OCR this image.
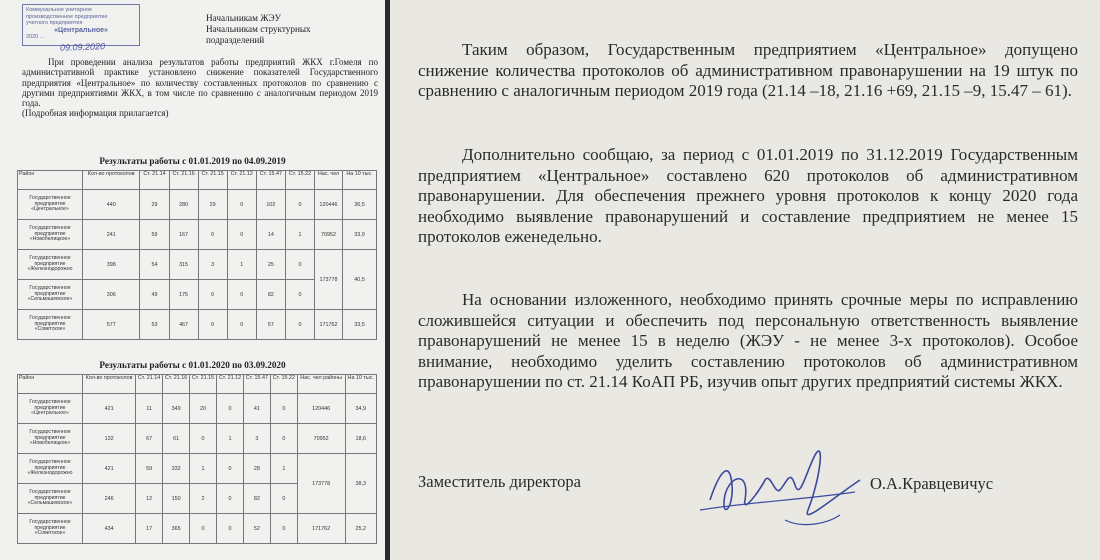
Коммунальное унитарное
производственное предприятие
учетного предприятия
«Центральное»
2020 …
09.09.2020
Начальникам ЖЭУ
Начальникам структурных
подразделений
При проведении анализа результатов работы предприятий ЖКХ г.Гомеля по административной практике установлено снижение показателей Государственного предприятия «Центральное» по количеству составленных протоколов по сравнению с другими предприятиями ЖКХ, в том числе по сравнению с аналогичным периодом 2019 года.
(Подробная информация прилагается)
Результаты работы с 01.01.2019 по 04.09.2019
Район	Кол-во протоколов	Ст. 21.14	Ст. 21.16	Ст. 21.15	Ст. 21.12	Ст. 15.47	Ст. 15.22	Нас. чел	На 10 тыс.
Государственное предприятие «Центральное»	440	29	280	29	0	102	0	120446	36,5
Государственное предприятие «Новобелицкое»	241	59	167	0	0	14	1	70952	33,9
Государственное предприятие «Железнодорожно	398	54	315	3	1	25	0	173778	40,5
Государственное предприятие «Сельмашевское»	306	49	175	0	0	82	0		
Государственное предприятие «Советское»	577	53	467	0	0	57	0	171762	33,5
Результаты работы с 01.01.2020 по 03.09.2020
Район	Кол-во протоколов	Ст. 21.14	Ст. 21.16	Ст. 21.15	Ст. 21.12	Ст. 15.47	Ст. 15.22	Нас. чел районы	На 10 тыс.
Государственное предприятие «Центральное»	421	11	349	20	0	41	0	120446	34,9
Государственное предприятие «Новобелицкое»	132	67	61	0	1	3	0	70952	18,6
Государственное предприятие «Железнодорожно	421	59	332	1	0	28	1	173778	38,3
Государственное предприятие «Сельмашевское»	246	12	150	2	0	82	0		
Государственное предприятие «Советское»	434	17	365	0	0	52	0	171762	25,2
Таким образом, Государственным предприятием «Центральное» допущено снижение количества протоколов об административном правонарушении на 19 штук по сравнению с аналогичным периодом 2019 года (21.14 –18, 21.16 +69, 21.15 –9, 15.47 – 61).
Дополнительно сообщаю, за период с 01.01.2019 по 31.12.2019 Государственным предприятием «Центральное» составлено 620 протоколов об административном правонарушении. Для обеспечения прежнего уровня протоколов к концу 2020 года необходимо выявление правонарушений и составление предприятием не менее 15 протоколов еженедельно.
На основании изложенного, необходимо принять срочные меры по исправлению сложившейся ситуации и обеспечить под персональную ответственность выявление правонарушений не менее 15 в неделю (ЖЭУ - не менее 3-х протоколов). Особое внимание, необходимо уделить составлению протоколов об административном правонарушении по ст. 21.14 КоАП РБ, изучив опыт других предприятий системы ЖКХ.
Заместитель директора	О.А.Кравцевичус
